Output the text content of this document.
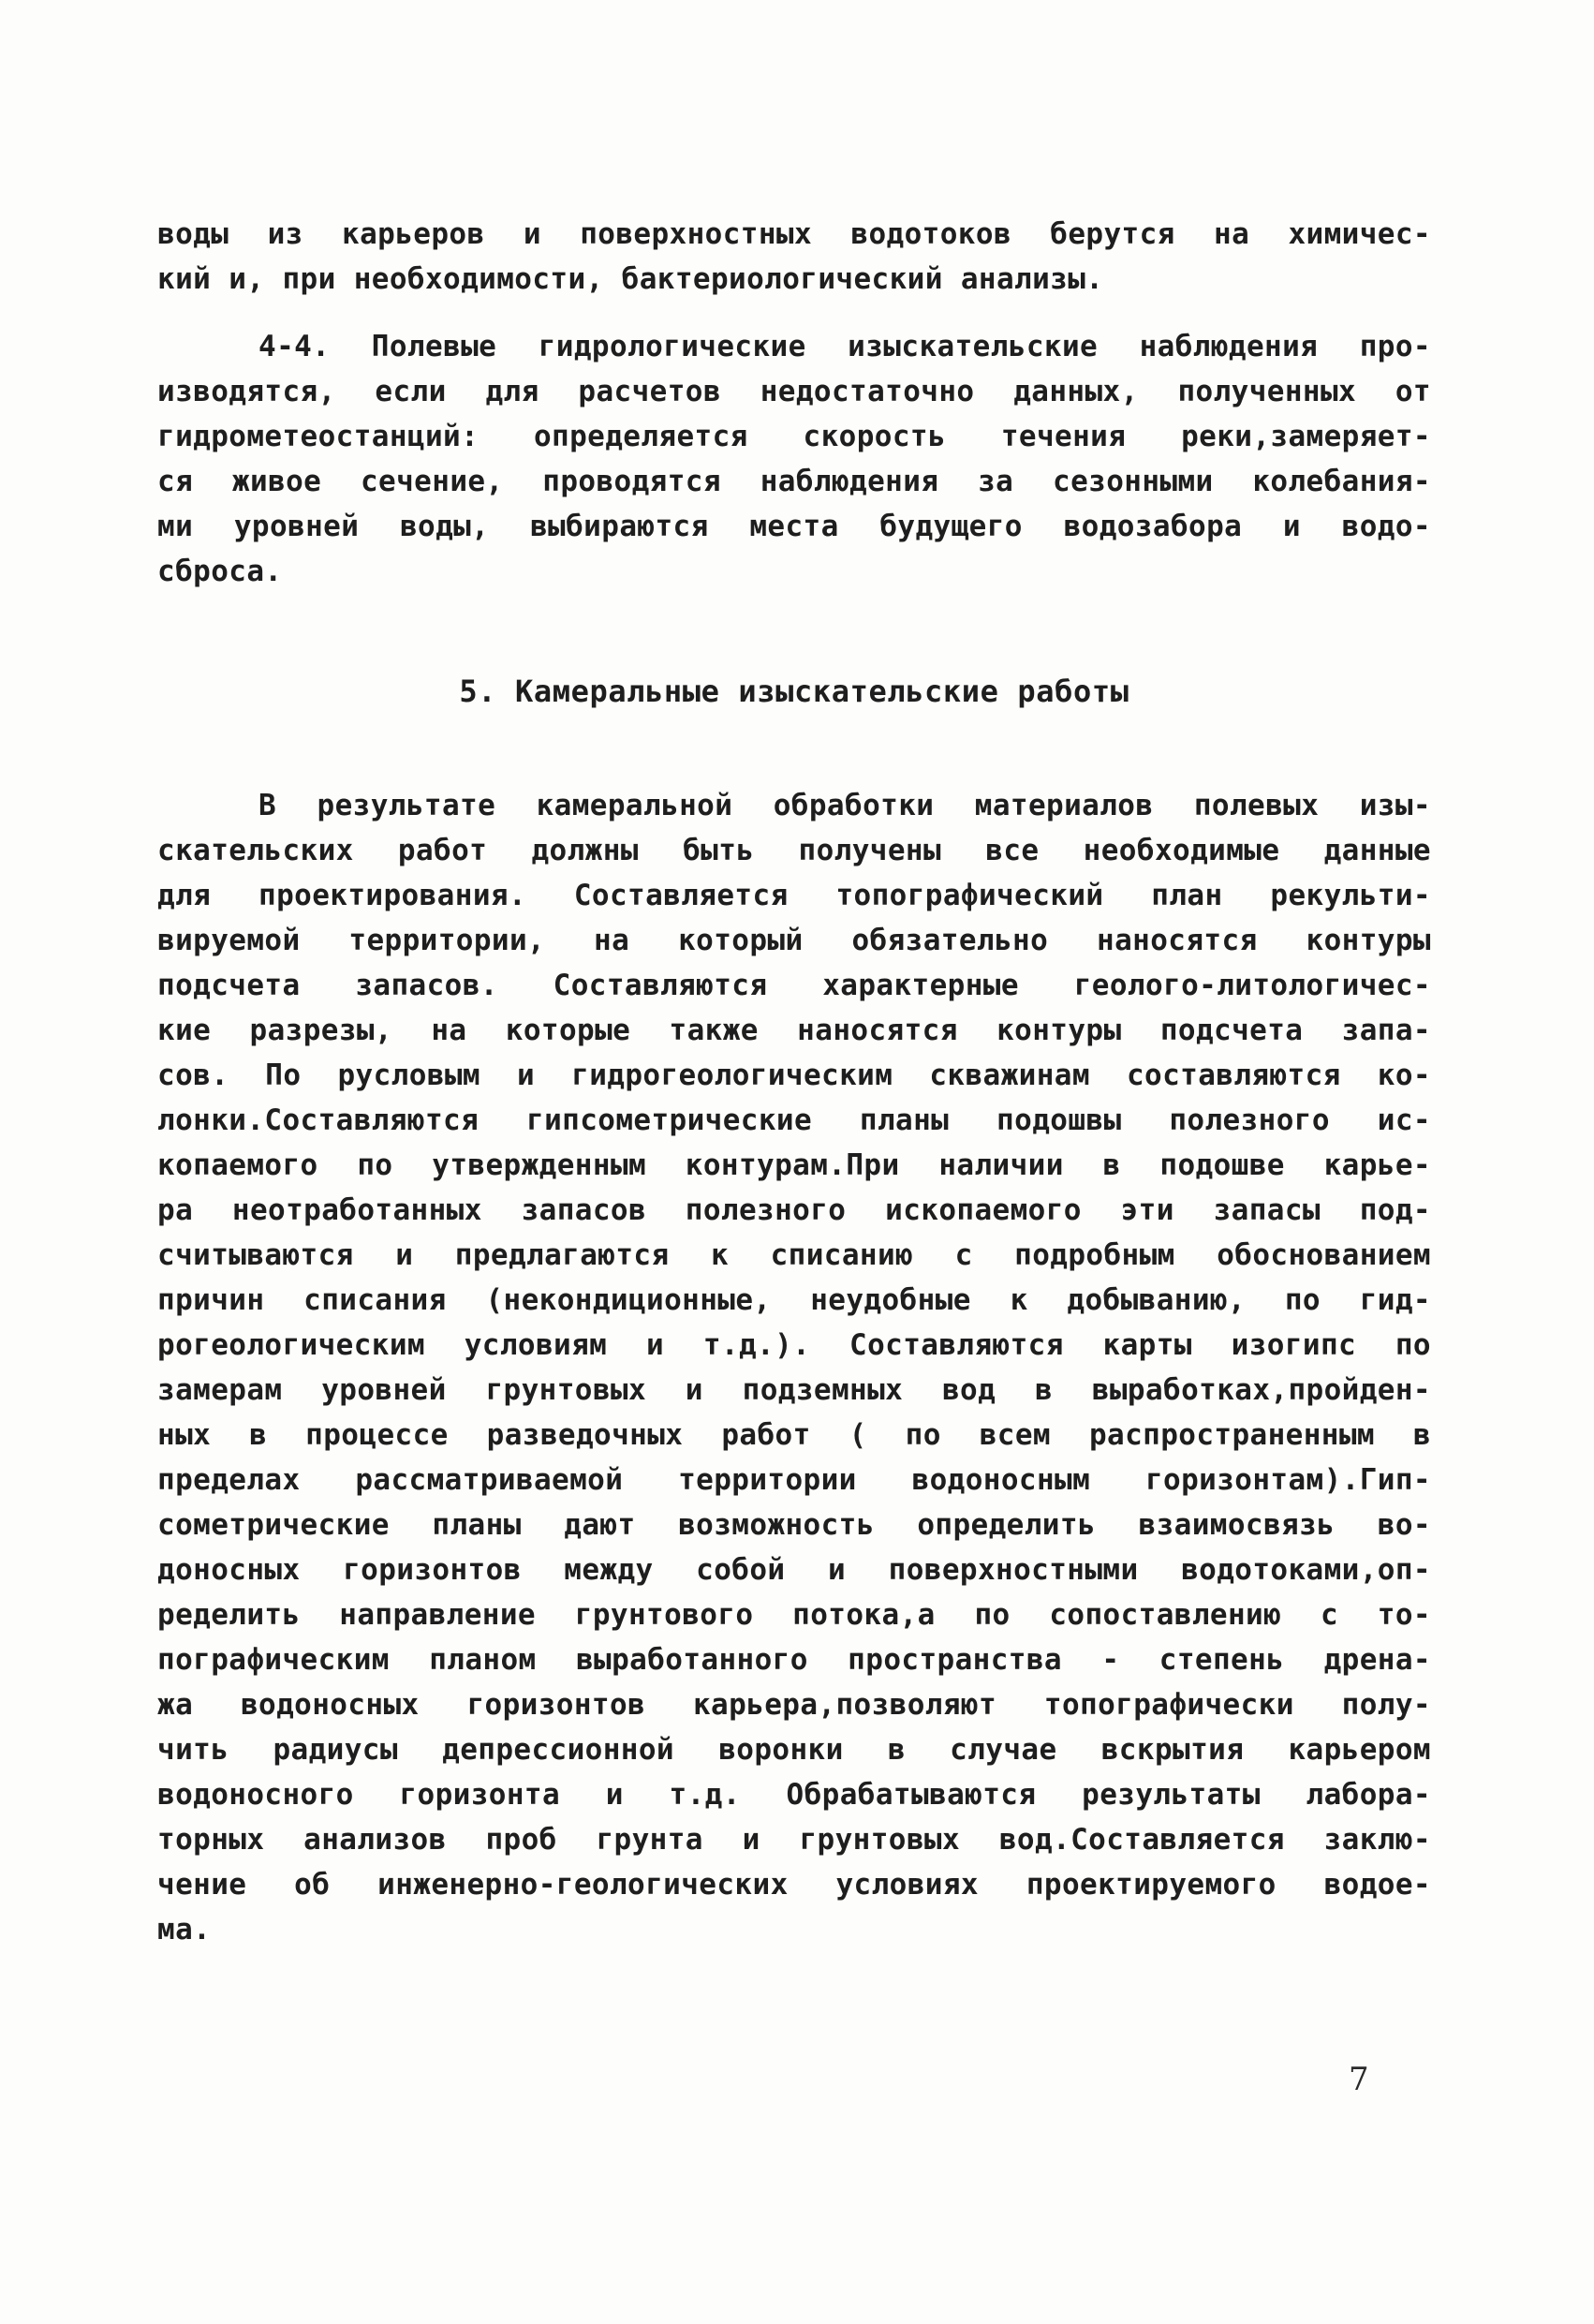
воды из карьеров и поверхностных водотоков берутся на химичес-
кий и, при необходимости, бактериологический анализы.
4-4. Полевые гидрологические изыскательские наблюдения про-
изводятся, если для расчетов недостаточно данных, полученных от
гидрометеостанций: определяется скорость течения реки,замеряет-
ся живое сечение, проводятся наблюдения за сезонными колебания-
ми уровней воды, выбираются места будущего водозабора и водо-
сброса.
5. Камеральные изыскательские работы
В результате камеральной обработки материалов полевых изы-
скательских работ должны быть получены все необходимые данные
для проектирования. Составляется топографический план рекульти-
вируемой территории, на который обязательно наносятся контуры
подсчета запасов. Составляются характерные геолого-литологичес-
кие разрезы, на которые также наносятся контуры подсчета запа-
сов. По русловым и гидрогеологическим скважинам составляются ко-
лонки.Составляются гипсометрические планы подошвы полезного ис-
копаемого по утвержденным контурам.При наличии в подошве карье-
ра неотработанных запасов полезного ископаемого эти запасы под-
считываются и предлагаются к списанию с подробным обоснованием
причин списания (некондиционные, неудобные к добыванию, по гид-
рогеологическим условиям и т.д.). Составляются карты изогипс по
замерам уровней грунтовых и подземных вод в выработках,пройден-
ных в процессе разведочных работ ( по всем распространенным в
пределах рассматриваемой территории водоносным горизонтам).Гип-
сометрические планы дают возможность определить взаимосвязь во-
доносных горизонтов между собой и поверхностными водотоками,оп-
ределить направление грунтового потока,а по сопоставлению с то-
пографическим планом выработанного пространства - степень дрена-
жа водоносных горизонтов карьера,позволяют топографически полу-
чить радиусы депрессионной воронки в случае вскрытия карьером
водоносного горизонта и т.д. Обрабатываются результаты лабора-
торных анализов проб грунта и грунтовых вод.Составляется заклю-
чение об инженерно-геологических условиях проектируемого водое-
ма.
7
